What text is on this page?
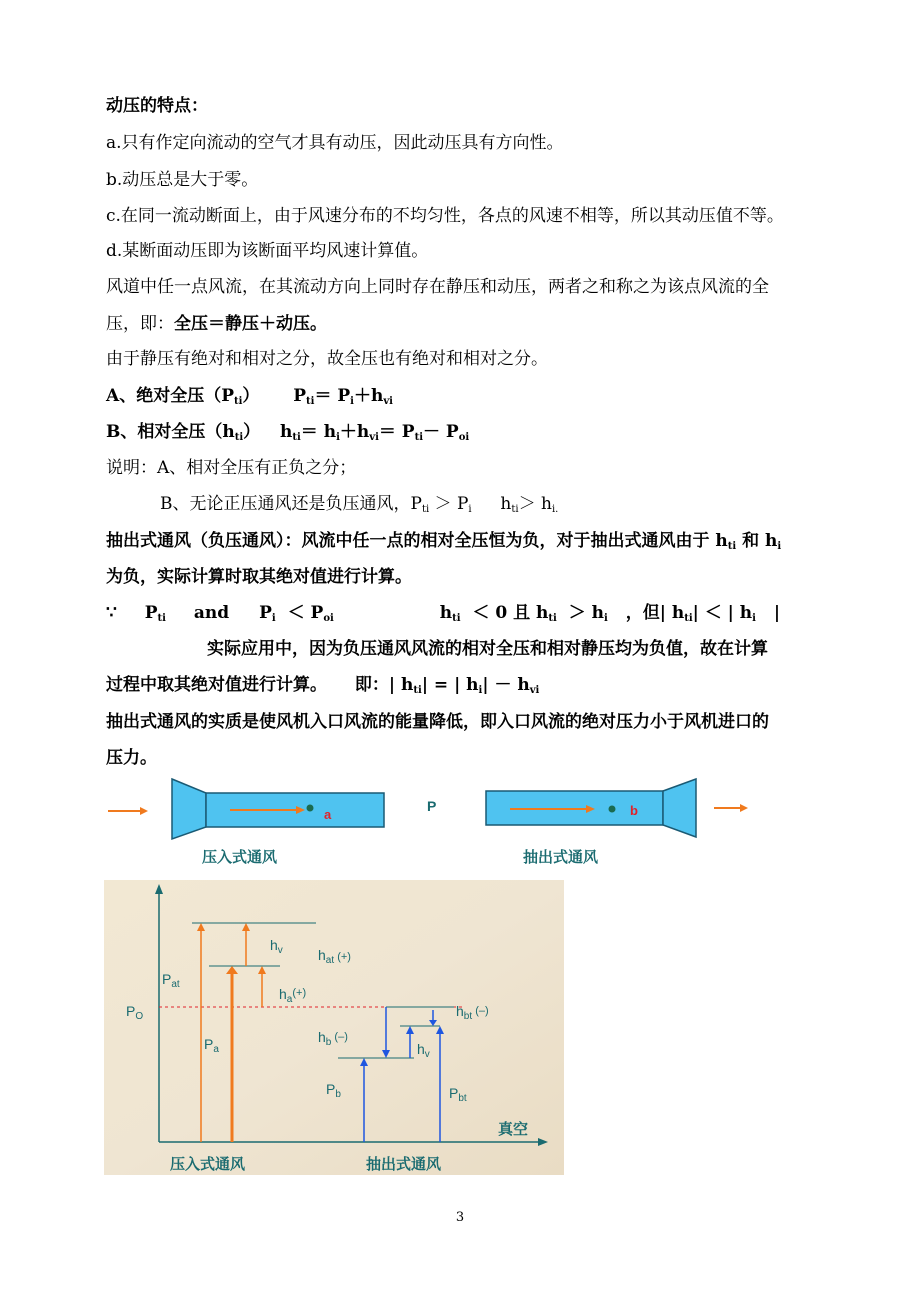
动压的特点：
a.只有作定向流动的空气才具有动压，因此动压具有方向性。
b.动压总是大于零。
c.在同一流动断面上，由于风速分布的不均匀性，各点的风速不相等，所以其动压值不等。
d.某断面动压即为该断面平均风速计算值。
风道中任一点风流，在其流动方向上同时存在静压和动压，两者之和称之为该点风流的全
压，即：全压＝静压＋动压。
由于静压有绝对和相对之分，故全压也有绝对和相对之分。
A、绝对全压$(P_{ti})$ $P_{ti}= P_i+h_{vi}$
B、相对全压$(h_{ti})$ $h_{ti}= h_i+h_{vi}= P_{ti}- P_{oi}$
说明：A、相对全压有正负之分；
B、无论正压通风还是负压通风，$P_{ti} > P_i$ $h_{ti}> h_{i.}$
抽出式通风（负压通风）：风流中任一点的相对全压恒为负，对于抽出式通风由于 $h_{ti}$ 和 $h_i$
为负，实际计算时取其绝对值进行计算。
∵ $P_{ti}$ and $P_i < P_{oi}$	$h_{ti} < 0$ 且 $h_{ti} > h_i$ ，但| $h_{ti}|$ ＜ | $h_i$ |
实际应用中，因为负压通风风流的相对全压和相对静压均为负值，故在计算
过程中取其绝对值进行计算。 即：| $h_{ti}|$ = | $h_i| - h_{vi}$
抽出式通风的实质是使风机入口风流的能量降低，即入口风流的绝对压力小于风机进口的
压力。
a
P	b
压入式通风	抽出式通风
$P_O$
$P_{at}$
$P_a$
$h_v$	$h_{at}$ (+)
$h_a^{(+)}$
$h_{bt}$ (–)
$h_b$ (–)
$h_v$
$P_b$	$P_{bt}$
真空
压入式通风	抽出式通风
3
